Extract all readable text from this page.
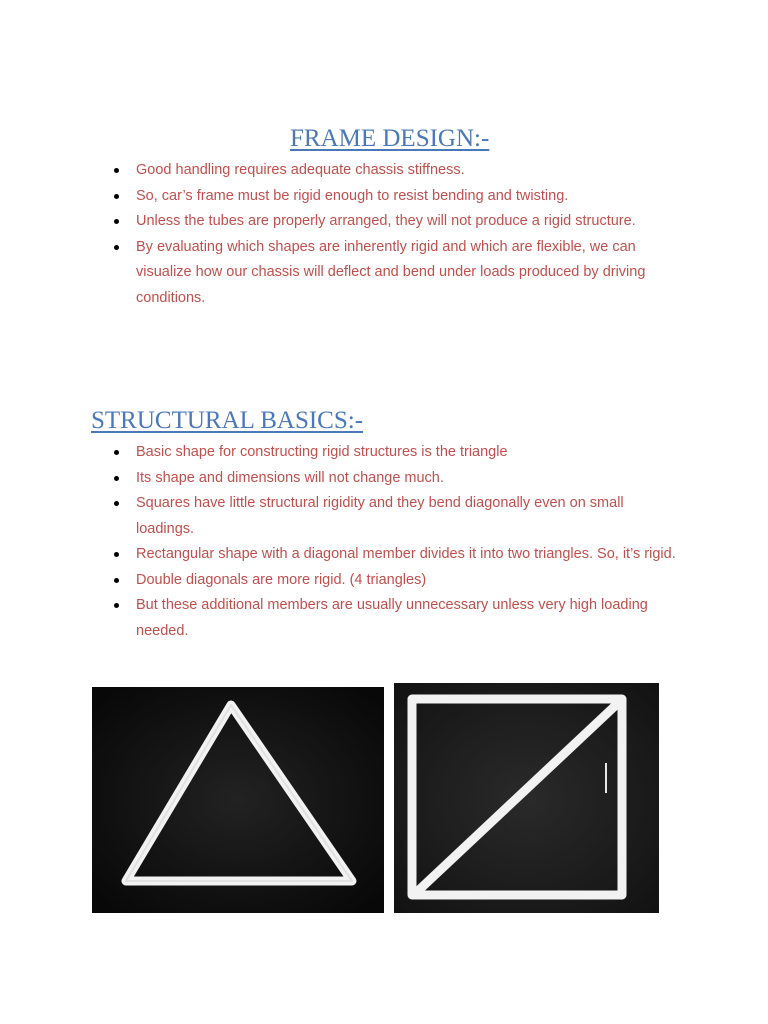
FRAME DESIGN:-
Good handling requires adequate chassis stiffness.
So, car’s frame must be rigid enough to resist bending and twisting.
Unless the tubes are properly arranged, they will not produce a rigid structure.
By evaluating which shapes are inherently rigid and which are flexible, we can visualize how our chassis will deflect and bend under loads produced by driving conditions.
STRUCTURAL BASICS:-
Basic shape for constructing rigid structures is the triangle
Its shape and dimensions will not change much.
Squares have little structural rigidity and they bend diagonally even on small loadings.
Rectangular shape with a diagonal member divides it into two triangles. So, it’s rigid.
Double diagonals are more rigid. (4 triangles)
But these additional members are usually unnecessary unless very high loading needed.
